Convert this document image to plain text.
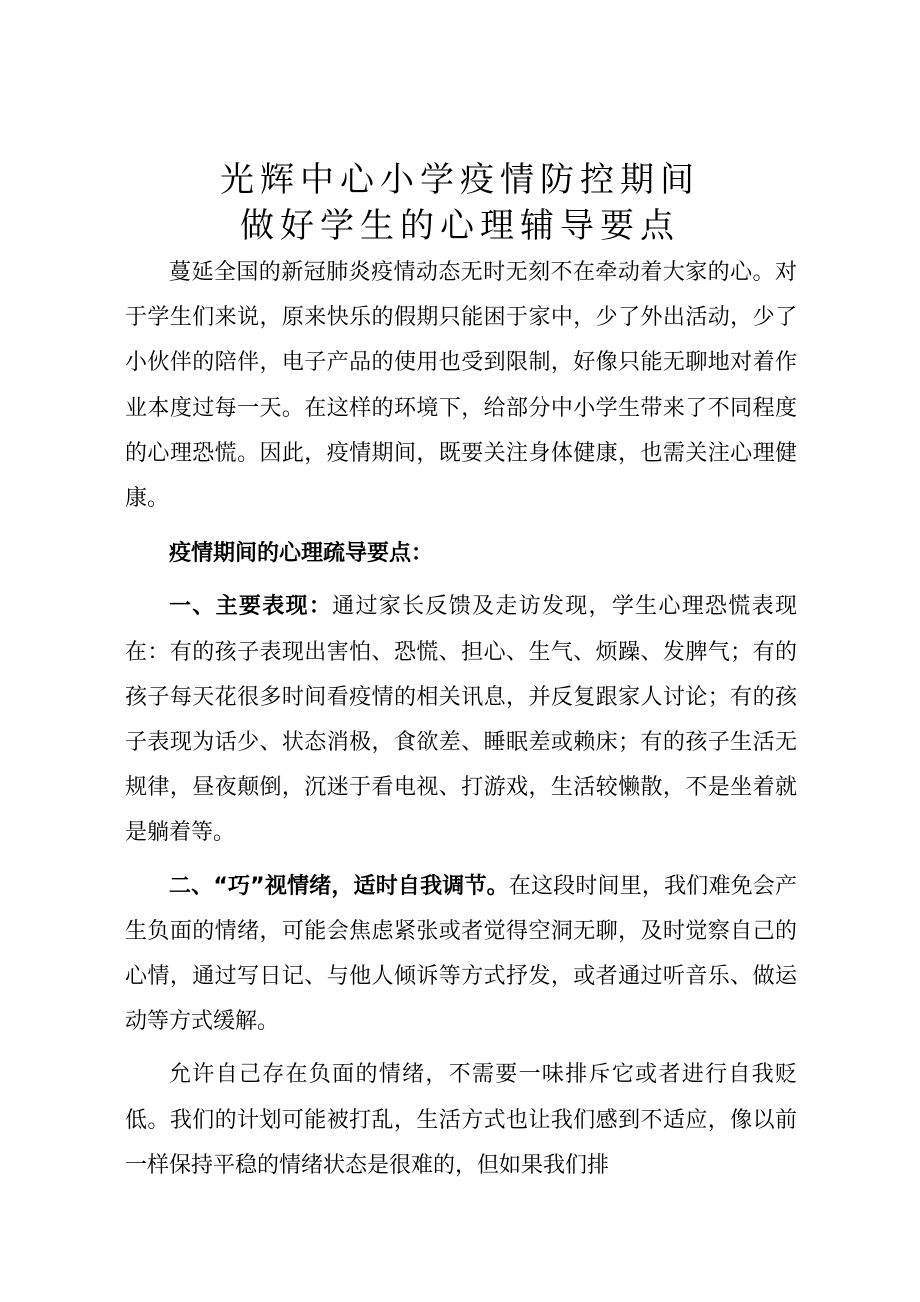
光辉中心小学疫情防控期间
做好学生的心理辅导要点

蔓延全国的新冠肺炎疫情动态无时无刻不在牵动着大家的心。对于学生们来说，原来快乐的假期只能困于家中，少了外出活动，少了小伙伴的陪伴，电子产品的使用也受到限制，好像只能无聊地对着作业本度过每一天。在这样的环境下，给部分中小学生带来了不同程度的心理恐慌。因此，疫情期间，既要关注身体健康，也需关注心理健康。

疫情期间的心理疏导要点：

一、主要表现：通过家长反馈及走访发现，学生心理恐慌表现在：有的孩子表现出害怕、恐慌、担心、生气、烦躁、发脾气；有的孩子每天花很多时间看疫情的相关讯息，并反复跟家人讨论；有的孩子表现为话少、状态消极，食欲差、睡眠差或赖床；有的孩子生活无规律，昼夜颠倒，沉迷于看电视、打游戏，生活较懒散，不是坐着就是躺着等。

二、“巧”视情绪，适时自我调节。在这段时间里，我们难免会产生负面的情绪，可能会焦虑紧张或者觉得空洞无聊，及时觉察自己的心情，通过写日记、与他人倾诉等方式抒发，或者通过听音乐、做运动等方式缓解。

允许自己存在负面的情绪，不需要一味排斥它或者进行自我贬低。我们的计划可能被打乱，生活方式也让我们感到不适应，像以前一样保持平稳的情绪状态是很难的，但如果我们排
